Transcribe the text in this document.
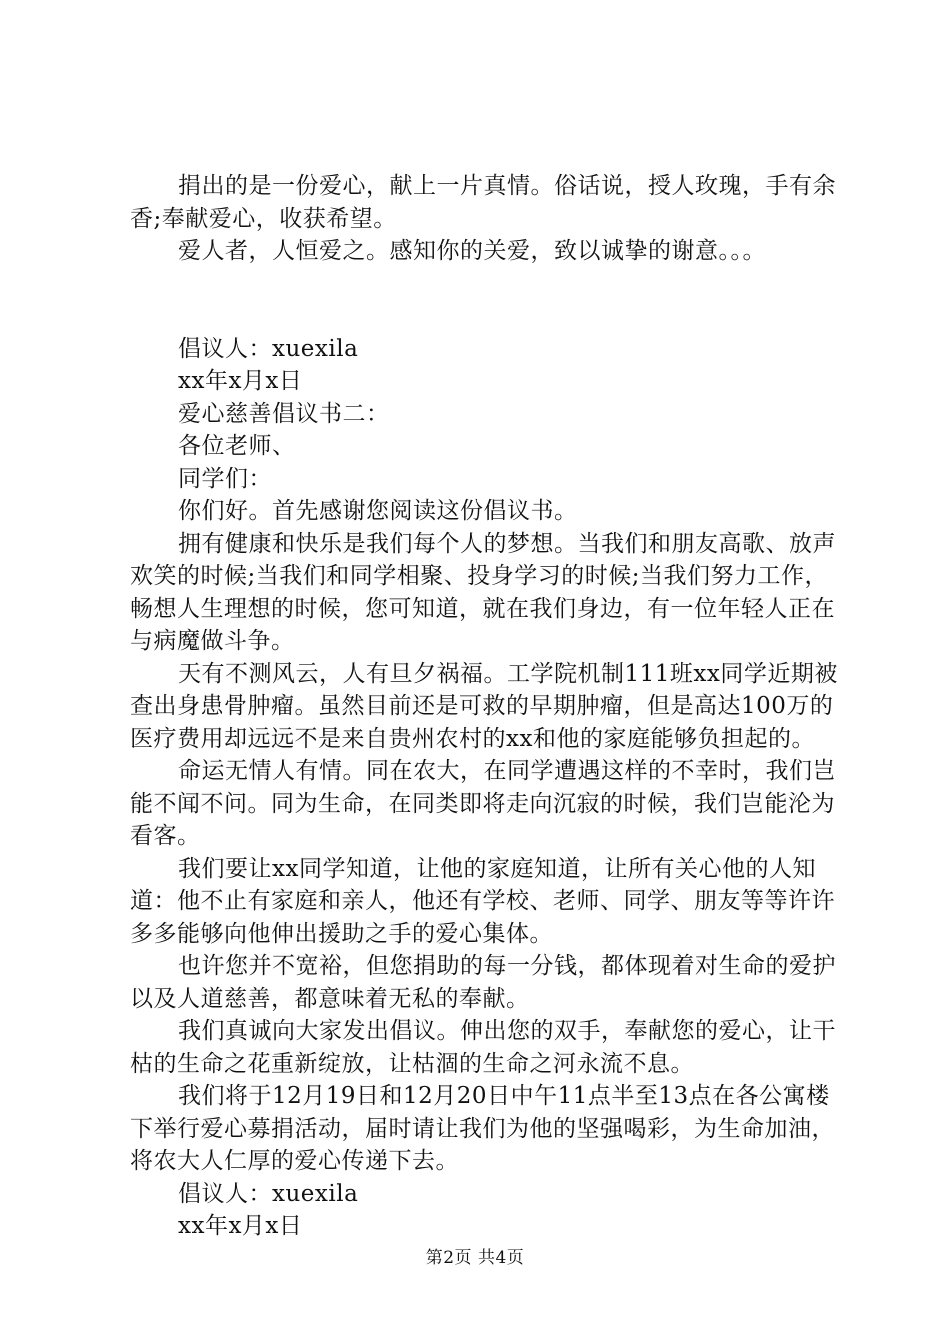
捐出的是一份爱心，献上一片真情。俗话说，授人玫瑰，手有余香;奉献爱心，收获希望。

爱人者，人恒爱之。感知你的关爱，致以诚挚的谢意。。。

倡议人：xuexila

xx年x月x日

爱心慈善倡议书二：

各位老师、

同学们：

你们好。首先感谢您阅读这份倡议书。

拥有健康和快乐是我们每个人的梦想。当我们和朋友高歌、放声欢笑的时候;当我们和同学相聚、投身学习的时候;当我们努力工作，畅想人生理想的时候，您可知道，就在我们身边，有一位年轻人正在与病魔做斗争。

天有不测风云，人有旦夕祸福。工学院机制111班xx同学近期被查出身患骨肿瘤。虽然目前还是可救的早期肿瘤，但是高达100万的医疗费用却远远不是来自贵州农村的xx和他的家庭能够负担起的。

命运无情人有情。同在农大，在同学遭遇这样的不幸时，我们岂能不闻不问。同为生命，在同类即将走向沉寂的时候，我们岂能沦为看客。

我们要让xx同学知道，让他的家庭知道，让所有关心他的人知道：他不止有家庭和亲人，他还有学校、老师、同学、朋友等等许许多多能够向他伸出援助之手的爱心集体。

也许您并不宽裕，但您捐助的每一分钱，都体现着对生命的爱护以及人道慈善，都意味着无私的奉献。

我们真诚向大家发出倡议。伸出您的双手，奉献您的爱心，让干枯的生命之花重新绽放，让枯涸的生命之河永流不息。

我们将于12月19日和12月20日中午11点半至13点在各公寓楼下举行爱心募捐活动，届时请让我们为他的坚强喝彩，为生命加油，将农大人仁厚的爱心传递下去。

倡议人：xuexila

xx年x月x日

第2页 共4页
